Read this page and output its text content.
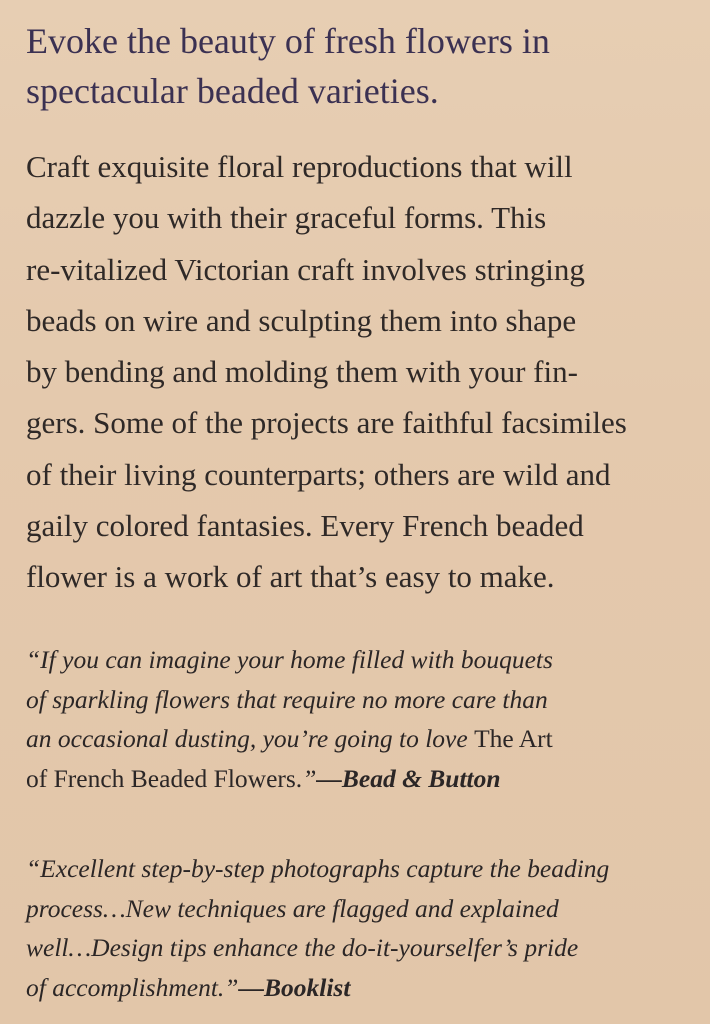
Evoke the beauty of fresh flowers in
spectacular beaded varieties.

Craft exquisite floral reproductions that will
dazzle you with their graceful forms. This
re-vitalized Victorian craft involves stringing
beads on wire and sculpting them into shape
by bending and molding them with your fin-
gers. Some of the projects are faithful facsimiles
of their living counterparts; others are wild and
gaily colored fantasies. Every French beaded
flower is a work of art that’s easy to make.

“If you can imagine your home filled with bouquets
of sparkling flowers that require no more care than
an occasional dusting, you’re going to love The Art
of French Beaded Flowers.”—Bead & Button
“Excellent step-by-step photographs capture the beading
process…New techniques are flagged and explained
well…Design tips enhance the do-it-yourselfer’s pride
of accomplishment.”—Booklist
